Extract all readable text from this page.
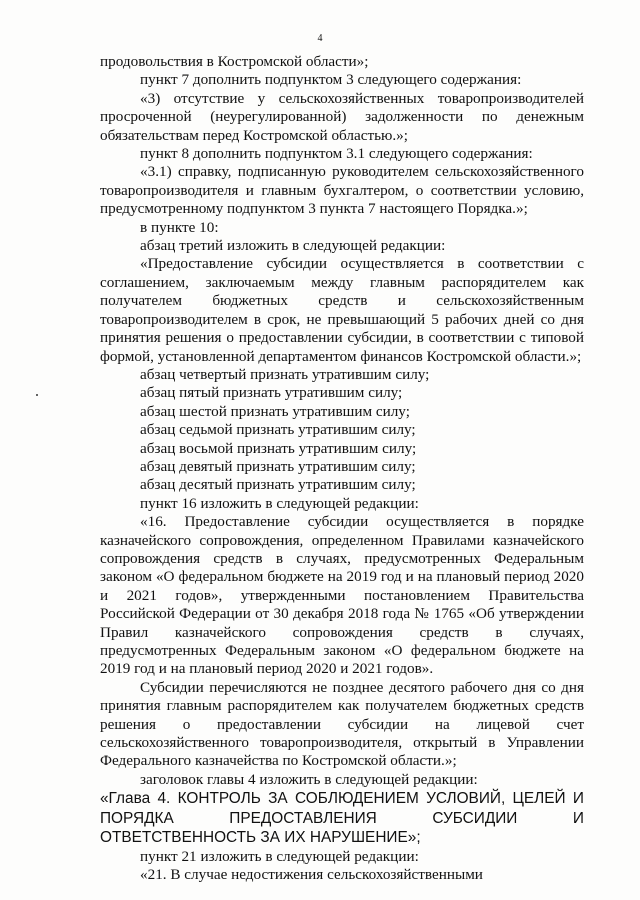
4

продовольствия в Костромской области»;

пункт 7 дополнить подпунктом 3 следующего содержания:

«3) отсутствие у сельскохозяйственных товаропроизводителей просроченной (неурегулированной) задолженности по денежным обязательствам перед Костромской областью.»;

пункт 8 дополнить подпунктом 3.1 следующего содержания:

«3.1) справку, подписанную руководителем сельскохозяйственного товаропроизводителя и главным бухгалтером, о соответствии условию, предусмотренному подпунктом 3 пункта 7 настоящего Порядка.»;

в пункте 10:

абзац третий изложить в следующей редакции:

«Предоставление субсидии осуществляется в соответствии с соглашением, заключаемым между главным распорядителем как получателем бюджетных средств и сельскохозяйственным товаропроизводителем в срок, не превышающий 5 рабочих дней со дня принятия решения о предоставлении субсидии, в соответствии с типовой формой, установленной департаментом финансов Костромской области.»;

абзац четвертый признать утратившим силу;

абзац пятый признать утратившим силу;

абзац шестой признать утратившим силу;

абзац седьмой признать утратившим силу;

абзац восьмой признать утратившим силу;

абзац девятый признать утратившим силу;

абзац десятый признать утратившим силу;

пункт 16 изложить в следующей редакции:

«16. Предоставление субсидии осуществляется в порядке казначейского сопровождения, определенном Правилами казначейского сопровождения средств в случаях, предусмотренных Федеральным законом «О федеральном бюджете на 2019 год и на плановый период 2020 и 2021 годов», утвержденными постановлением Правительства Российской Федерации от 30 декабря 2018 года № 1765 «Об утверждении Правил казначейского сопровождения средств в случаях, предусмотренных Федеральным законом «О федеральном бюджете на 2019 год и на плановый период 2020 и 2021 годов».

Субсидии перечисляются не позднее десятого рабочего дня со дня принятия главным распорядителем как получателем бюджетных средств решения о предоставлении субсидии на лицевой счет сельскохозяйственного товаропроизводителя, открытый в Управлении Федерального казначейства по Костромской области.»;

заголовок главы 4 изложить в следующей редакции:

«Глава 4. КОНТРОЛЬ ЗА СОБЛЮДЕНИЕМ УСЛОВИЙ, ЦЕЛЕЙ И ПОРЯДКА ПРЕДОСТАВЛЕНИЯ СУБСИДИИ И ОТВЕТСТВЕННОСТЬ ЗА ИХ НАРУШЕНИЕ»;

пункт 21 изложить в следующей редакции:

«21. В случае недостижения сельскохозяйственными
